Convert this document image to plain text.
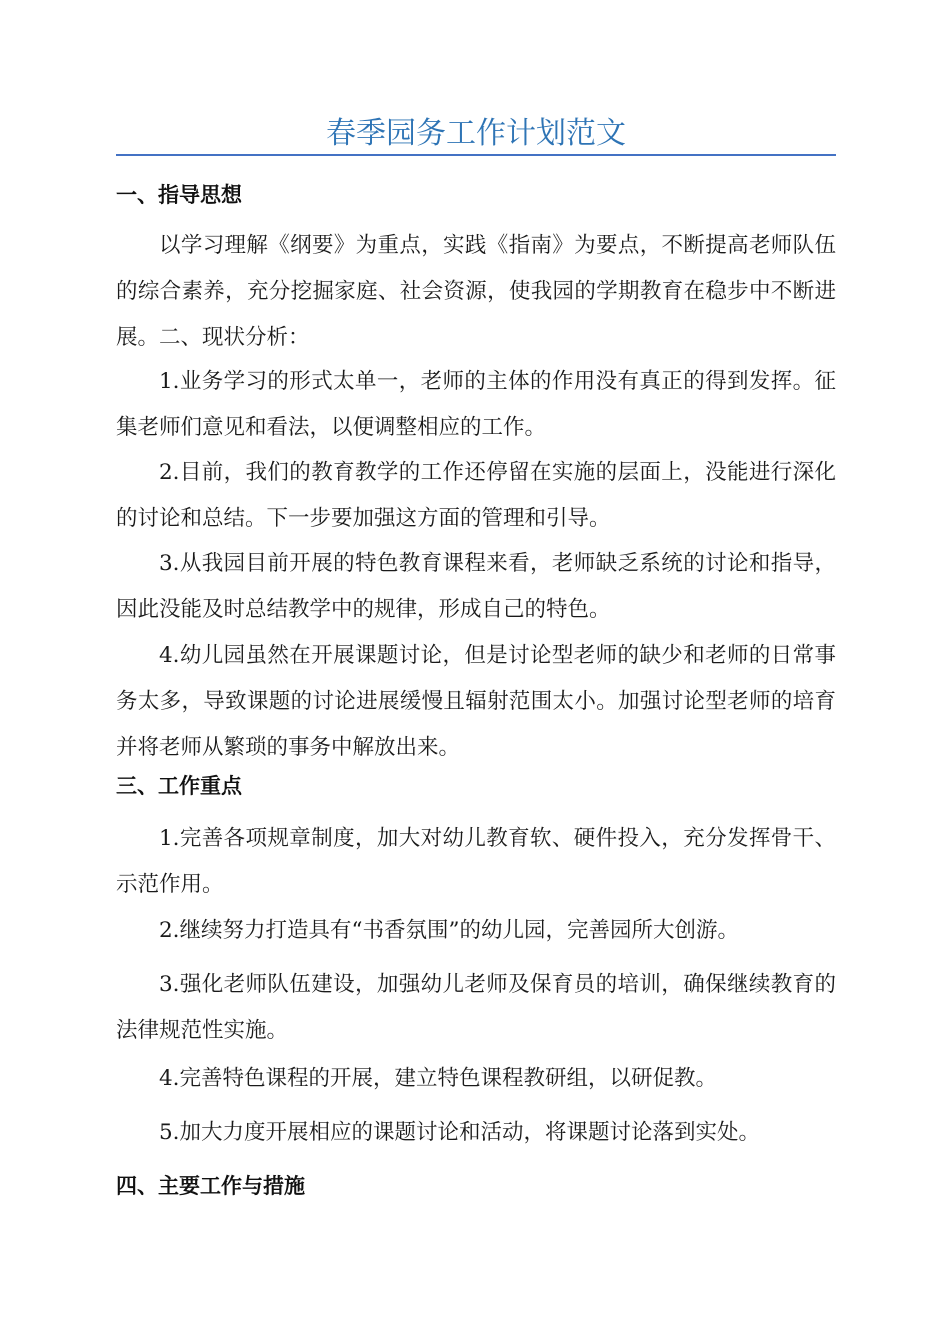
春季园务工作计划范文
一、指导思想
以学习理解《纲要》为重点，实践《指南》为要点，不断提高老师队伍的综合素养，充分挖掘家庭、社会资源，使我园的学期教育在稳步中不断进展。二、现状分析：
1.业务学习的形式太单一，老师的主体的作用没有真正的得到发挥。征集老师们意见和看法，以便调整相应的工作。
2.目前，我们的教育教学的工作还停留在实施的层面上，没能进行深化的讨论和总结。下一步要加强这方面的管理和引导。
3.从我园目前开展的特色教育课程来看，老师缺乏系统的讨论和指导，因此没能及时总结教学中的规律，形成自己的特色。
4.幼儿园虽然在开展课题讨论，但是讨论型老师的缺少和老师的日常事务太多，导致课题的讨论进展缓慢且辐射范围太小。加强讨论型老师的培育并将老师从繁琐的事务中解放出来。
三、工作重点
1.完善各项规章制度，加大对幼儿教育软、硬件投入，充分发挥骨干、示范作用。
2.继续努力打造具有“书香氛围”的幼儿园，完善园所大创游。
3.强化老师队伍建设，加强幼儿老师及保育员的培训，确保继续教育的法律规范性实施。
4.完善特色课程的开展，建立特色课程教研组，以研促教。
5.加大力度开展相应的课题讨论和活动，将课题讨论落到实处。
四、主要工作与措施
